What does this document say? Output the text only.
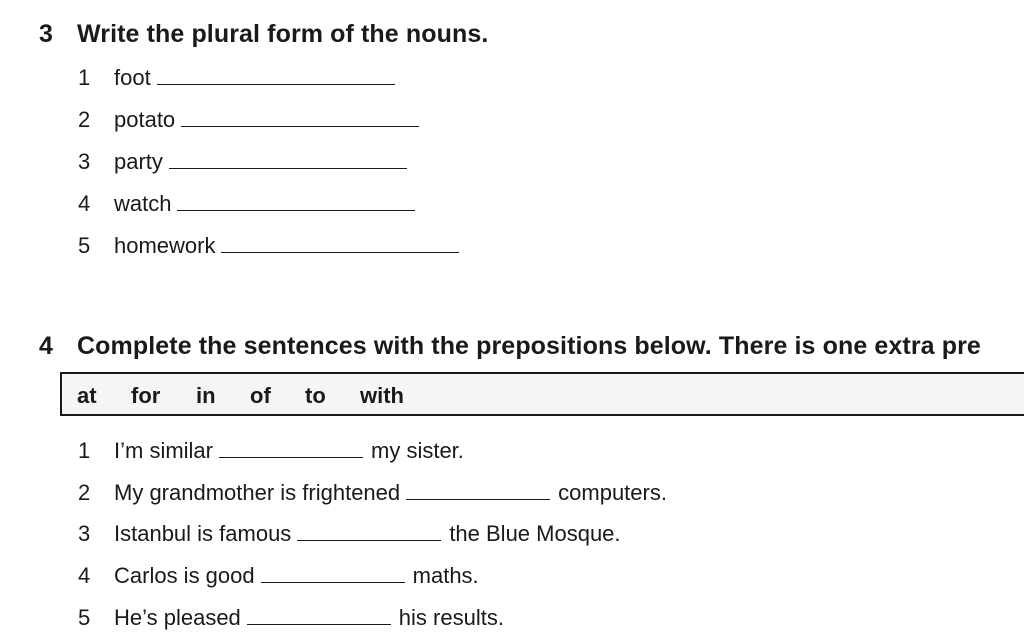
3 Write the plural form of the nouns.
1 foot
2 potato
3 party
4 watch
5 homework
4 Complete the sentences with the prepositions below. There is one extra pre
at for in of to with
1 I’m similar	my sister.
2 My grandmother is frightened	computers.
3 Istanbul is famous	the Blue Mosque.
4 Carlos is good	maths.
5 He’s pleased	his results.
